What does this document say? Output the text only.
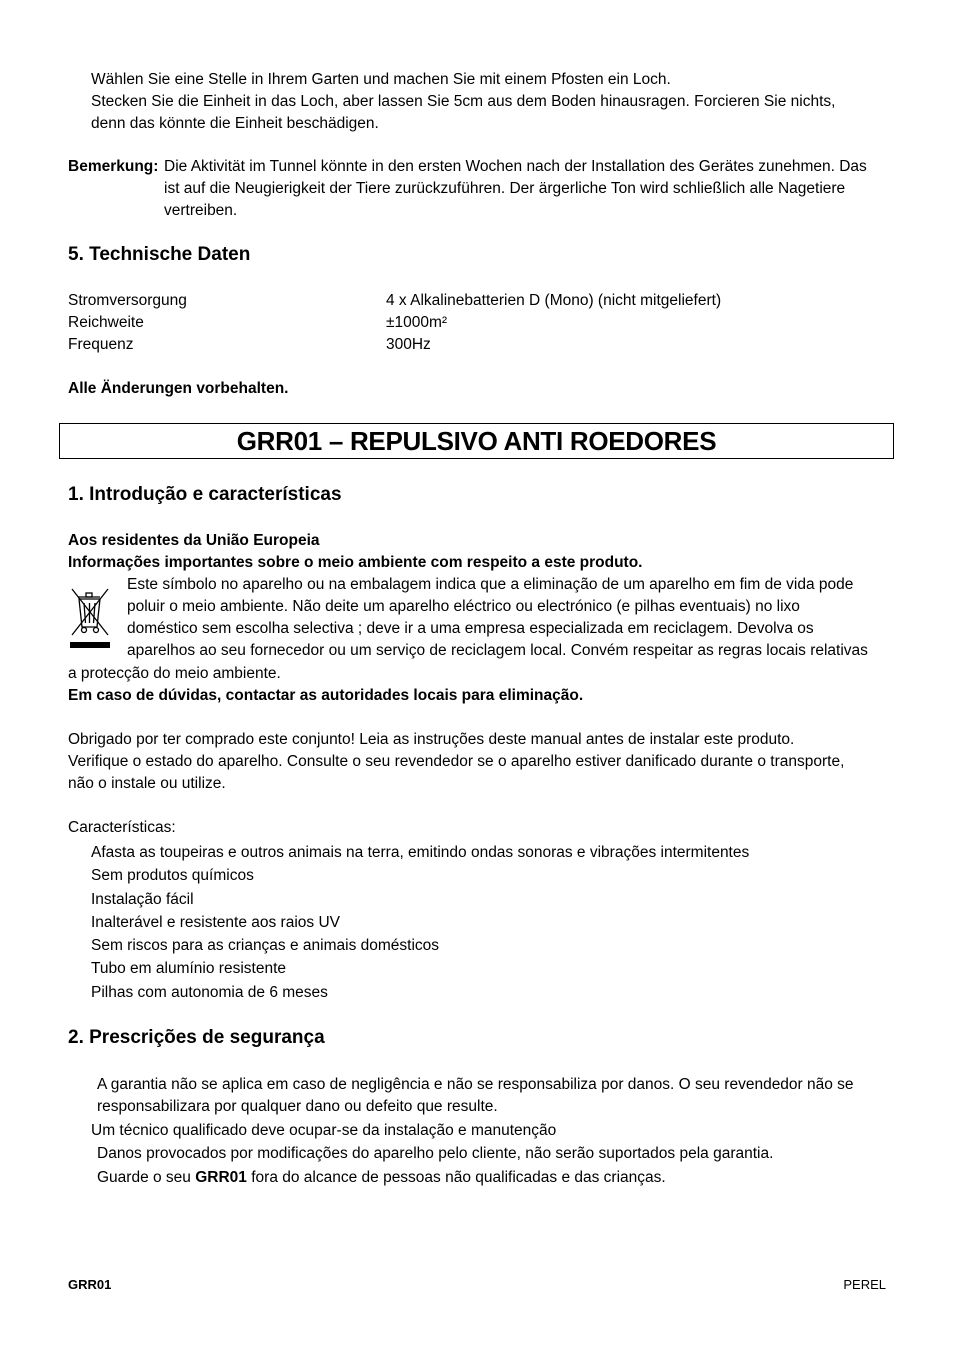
Wählen Sie eine Stelle in Ihrem Garten und machen Sie mit einem Pfosten ein Loch.
Stecken Sie die Einheit in das Loch, aber lassen Sie 5cm aus dem Boden hinausragen. Forcieren Sie nichts,
denn das könnte die Einheit beschädigen.
Bemerkung: Die Aktivität im Tunnel könnte in den ersten Wochen nach der Installation des Gerätes zunehmen. Das
ist auf die Neugierigkeit der Tiere zurückzuführen. Der ärgerliche Ton wird schließlich alle Nagetiere
vertreiben.
5. Technische Daten
Stromversorgung	4 x Alkalinebatterien D (Mono) (nicht mitgeliefert)
Reichweite	±1000m²
Frequenz	300Hz
Alle Änderungen vorbehalten.
GRR01 – REPULSIVO ANTI ROEDORES
1. Introdução e características
Aos residentes da União Europeia
Informações importantes sobre o meio ambiente com respeito a este produto.
Este símbolo no aparelho ou na embalagem indica que a eliminação de um aparelho em fim de vida pode
poluir o meio ambiente. Não deite um aparelho eléctrico ou electrónico (e pilhas eventuais) no lixo
doméstico sem escolha selectiva ; deve ir a uma empresa especializada em reciclagem. Devolva os
aparelhos ao seu fornecedor ou um serviço de reciclagem local. Convém respeitar as regras locais relativas
a protecção do meio ambiente.
Em caso de dúvidas, contactar as autoridades locais para eliminação.
Obrigado por ter comprado este conjunto! Leia as instruções deste manual antes de instalar este produto.
Verifique o estado do aparelho. Consulte o seu revendedor se o aparelho estiver danificado durante o transporte,
não o instale ou utilize.
Características:
Afasta as toupeiras e outros animais na terra, emitindo ondas sonoras e vibrações intermitentes
Sem produtos químicos
Instalação fácil
Inalterável e resistente aos raios UV
Sem riscos para as crianças e animais domésticos
Tubo em alumínio resistente
Pilhas com autonomia de 6 meses
2. Prescrições de segurança
A garantia não se aplica em caso de negligência e não se responsabiliza por danos. O seu revendedor não se
responsabilizara por qualquer dano ou defeito que resulte.
Um técnico qualificado deve ocupar-se da instalação e manutenção
Danos provocados por modificações do aparelho pelo cliente, não serão suportados pela garantia.
Guarde o seu GRR01 fora do alcance de pessoas não qualificadas e das crianças.
GRR01	PEREL
